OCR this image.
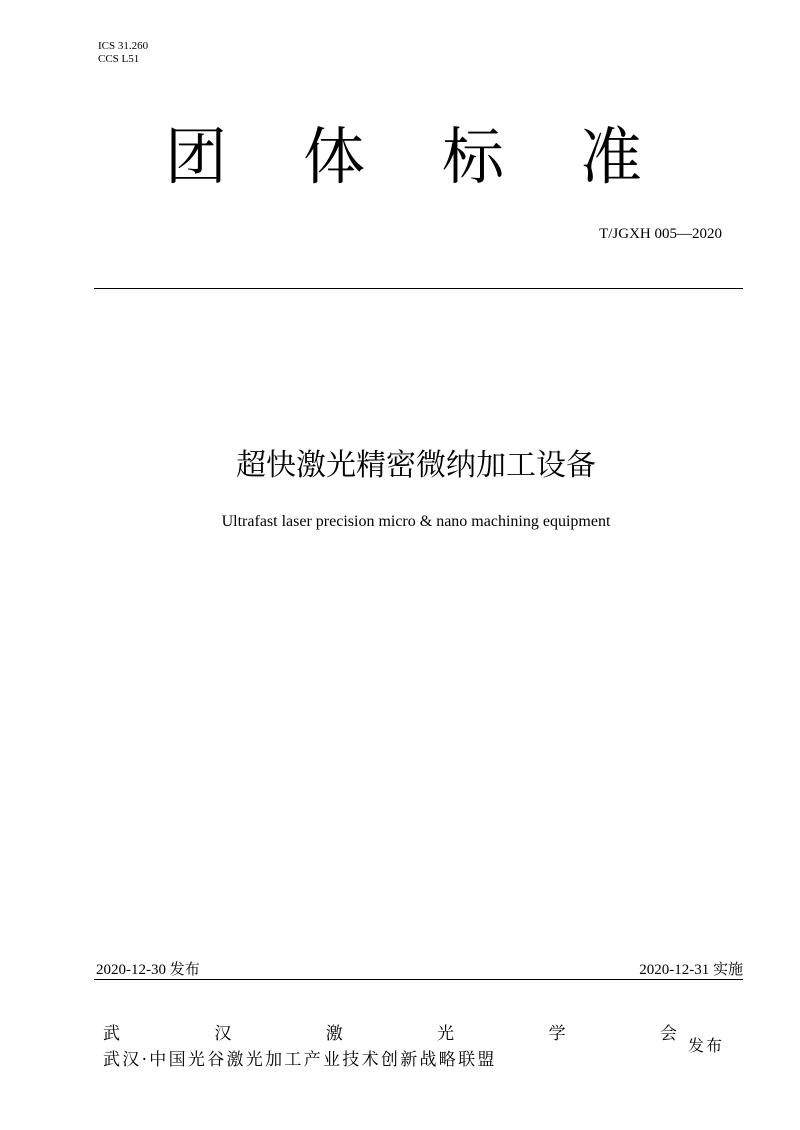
ICS 31.260
CCS L51
团 体 标 准
T/JGXH 005—2020
超快激光精密微纳加工设备
Ultrafast laser precision micro & nano machining equipment
2020-12-30 发布	2020-12-31 实施
武	汉	激	光	学	会
武汉·中国光谷激光加工产业技术创新战略联盟
发布
